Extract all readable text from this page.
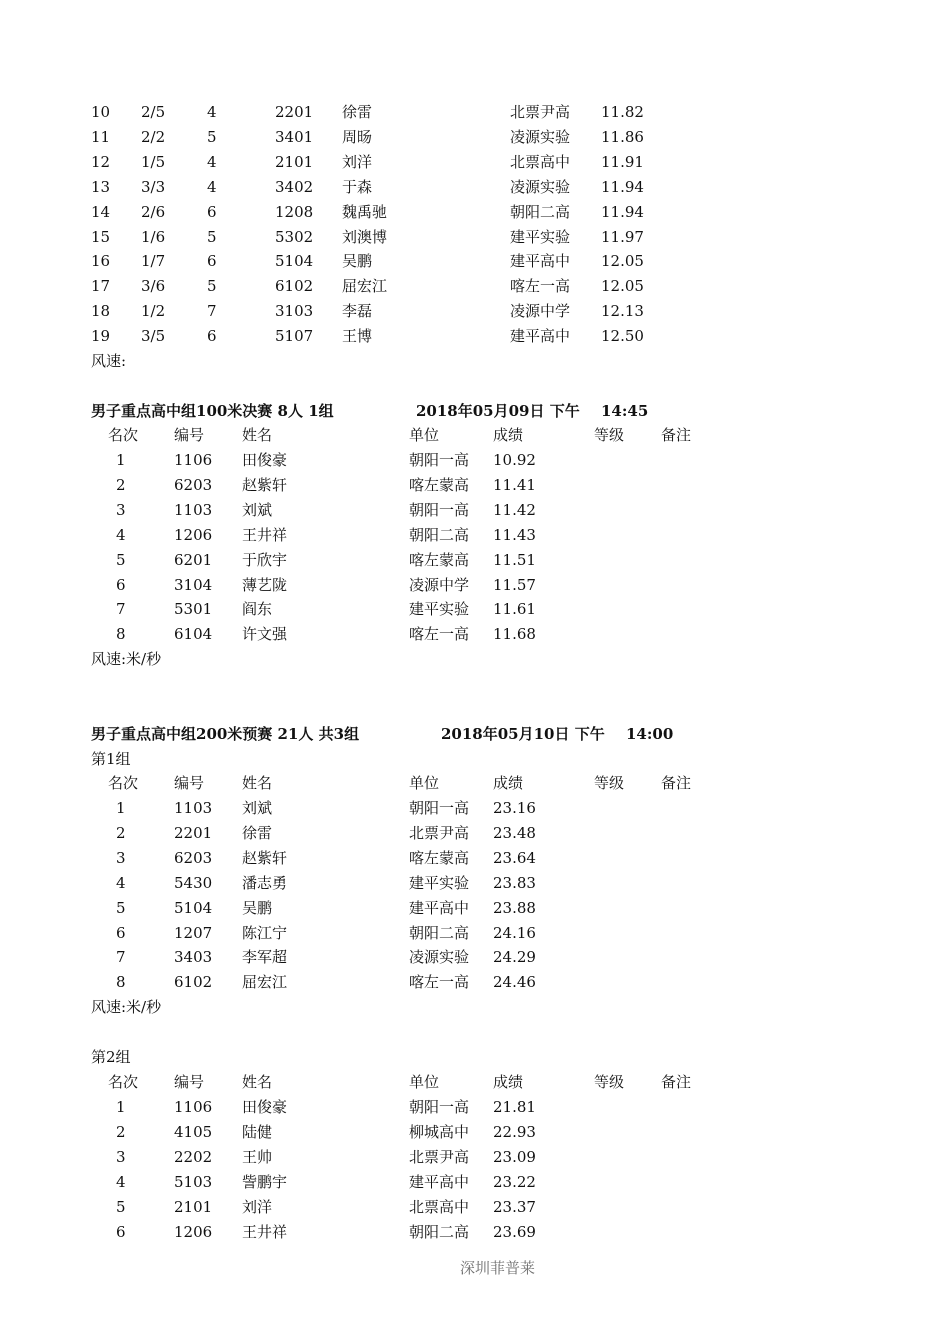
10 2/5	4	2201 徐雷	北票尹高 11.82
11 2/2	5	3401 周旸	凌源实验 11.86
12 1/5	4	2101 刘洋	北票高中 11.91
13 3/3	4	3402 于森	凌源实验 11.94
14 2/6	6	1208 魏禹驰	朝阳二高 11.94
15 1/6	5	5302 刘澳博	建平实验 11.97
16 1/7	6	5104 吴鹏	建平高中 12.05
17 3/6	5	6102 屈宏江	喀左一高 12.05
18 1/2	7	3103 李磊	凌源中学 12.13
19 3/5	6	5107 王博	建平高中 12.50
风速:
男子重点高中组100米决赛 8人 1组	2018年05月09日 下午 14:45
名次 编号	姓名	单位	成绩	等级 备注
1	1106 田俊豪	朝阳一高 10.92
2	6203 赵紫轩	喀左蒙高 11.41
3	1103 刘斌	朝阳一高 11.42
4	1206 王井祥	朝阳二高 11.43
5	6201 于欣宇	喀左蒙高 11.51
6	3104 薄艺陇	凌源中学 11.57
7	5301 阎东	建平实验 11.61
8	6104 许文强	喀左一高 11.68
风速:米/秒
男子重点高中组200米预赛 21人 共3组	2018年05月10日 下午 14:00
第1组
名次 编号	姓名	单位	成绩	等级 备注
1	1103 刘斌	朝阳一高 23.16
2	2201 徐雷	北票尹高 23.48
3	6203 赵紫轩	喀左蒙高 23.64
4	5430 潘志勇	建平实验 23.83
5	5104 吴鹏	建平高中 23.88
6	1207 陈江宁	朝阳二高 24.16
7	3403 李军超	凌源实验 24.29
8	6102 屈宏江	喀左一高 24.46
风速:米/秒
第2组
名次 编号	姓名	单位	成绩	等级 备注
1	1106 田俊豪	朝阳一高 21.81
2	4105 陆健	柳城高中 22.93
3	2202 王帅	北票尹高 23.09
4	5103 訾鹏宇	建平高中 23.22
5	2101 刘洋	北票高中 23.37
6	1206 王井祥	朝阳二高 23.69
深圳菲普莱
